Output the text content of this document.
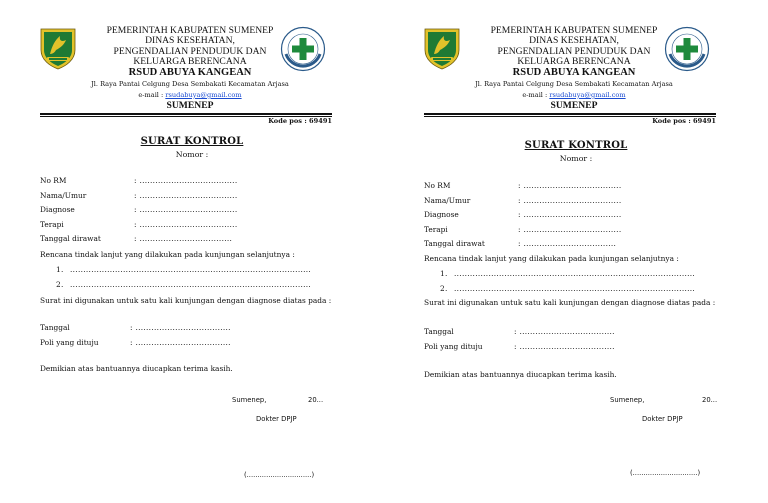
PEMERINTAH KABUPATEN SUMENEP
DINAS KESEHATAN,
PENGENDALIAN PENDUDUK DAN
KELUARGA BERENCANA
RSUD ABUYA KANGEAN
Jl. Raya Pantai Celgung Desa Sembakati Kecamatan Arjasa
e-mail : rsudabuya@gmail.com
SUMENEP
Kode pos : 69491
SURAT KONTROL
Nomor :
No RM	: .....................................
Nama/Umur	: .....................................
Diagnose	: .....................................
Terapi	: .....................................
Tanggal dirawat	: ...................................
Rencana tindak lanjut yang dilakukan pada kunjungan selanjutnya :
1. ...........................................................................................
2. ...........................................................................................
Surat ini digunakan untuk satu kali kunjungan dengan diagnose diatas pada :
Tanggal	: ....................................
Poli yang dituju	: ....................................
Demikian atas bantuannya diucapkan terima kasih.
Sumenep,	20...
Dokter DPJP
(..............................)
PEMERINTAH KABUPATEN SUMENEP
DINAS KESEHATAN,
PENGENDALIAN PENDUDUK DAN
KELUARGA BERENCANA
RSUD ABUYA KANGEAN
Jl. Raya Pantai Celgung Desa Sembakati Kecamatan Arjasa
e-mail : rsudabuya@gmail.com
SUMENEP
Kode pos : 69491
SURAT KONTROL
Nomor :
No RM	: .....................................
Nama/Umur	: .....................................
Diagnose	: .....................................
Terapi	: .....................................
Tanggal dirawat	: ...................................
Rencana tindak lanjut yang dilakukan pada kunjungan selanjutnya :
1. ...........................................................................................
2. ...........................................................................................
Surat ini digunakan untuk satu kali kunjungan dengan diagnose diatas pada :
Tanggal	: ....................................
Poli yang dituju	: ....................................
Demikian atas bantuannya diucapkan terima kasih.
Sumenep,	20...
Dokter DPJP
(..............................)
